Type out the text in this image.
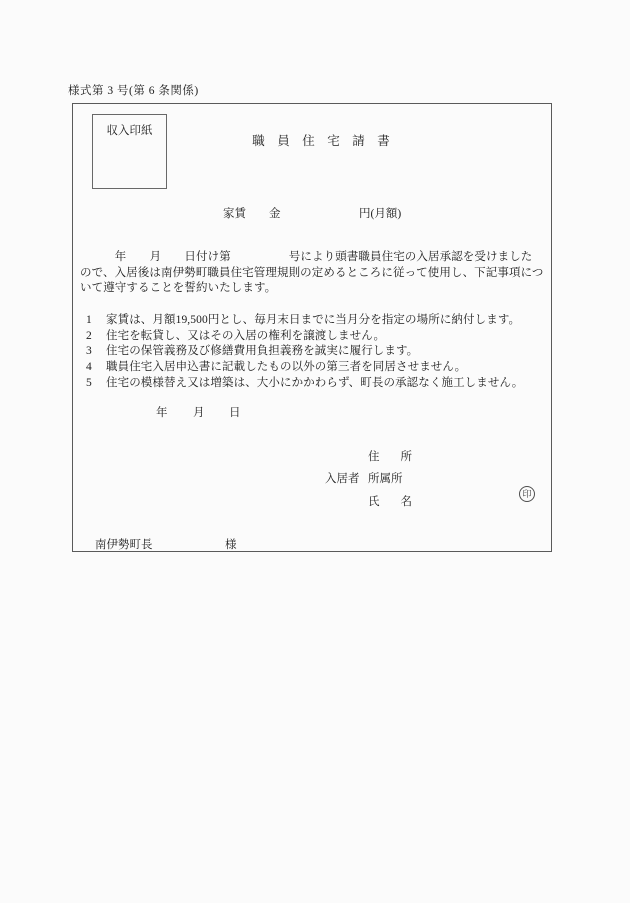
様式第 3 号(第 6 条関係)
収入印紙
職　員　住　宅　請　書
家賃 金	円(月額)
　　　年　　月　　日付け第　　　　　号により頭書職員住宅の入居承認を受けました
ので、入居後は南伊勢町職員住宅管理規則の定めるところに従って使用し、下記事項につ
いて遵守することを誓約いたします。
1	家賃は、月額19,500円とし、毎月末日までに当月分を指定の場所に納付します。
2	住宅を転貸し、又はその入居の権利を譲渡しません。
3	住宅の保管義務及び修繕費用負担義務を誠実に履行します。
4	職員住宅入居申込書に記載したもの以外の第三者を同居させません。
5	住宅の模様替え又は増築は、大小にかかわらず、町長の承認なく施工しません。
年 月 日
住　所
入居者 所属所
氏　名
印
南伊勢町長	様
